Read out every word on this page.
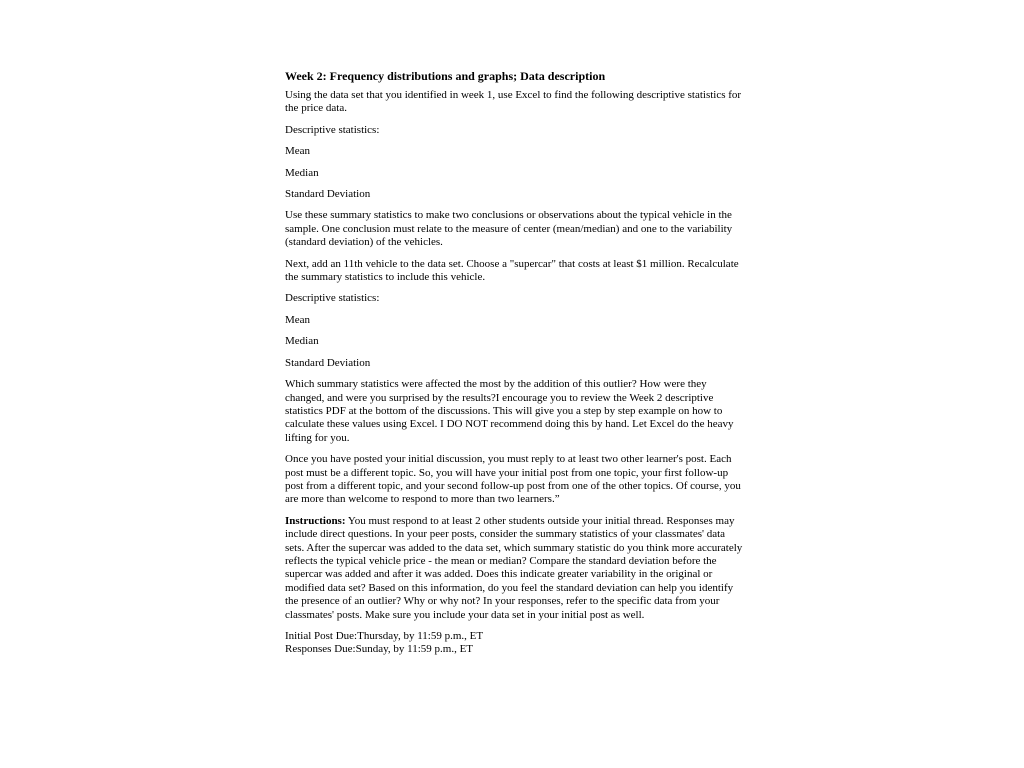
Week 2: Frequency distributions and graphs; Data description

Using the data set that you identified in week 1, use Excel to find the following descriptive statistics for the price data.

Descriptive statistics:

Mean

Median

Standard Deviation

Use these summary statistics to make two conclusions or observations about the typical vehicle in the sample. One conclusion must relate to the measure of center (mean/median) and one to the variability (standard deviation) of the vehicles.

Next, add an 11th vehicle to the data set. Choose a "supercar" that costs at least $1 million. Recalculate the summary statistics to include this vehicle.

Descriptive statistics:

Mean

Median

Standard Deviation

Which summary statistics were affected the most by the addition of this outlier? How were they changed, and were you surprised by the results?I encourage you to review the Week 2 descriptive statistics PDF at the bottom of the discussions. This will give you a step by step example on how to calculate these values using Excel. I DO NOT recommend doing this by hand. Let Excel do the heavy lifting for you.

Once you have posted your initial discussion, you must reply to at least two other learner's post. Each post must be a different topic. So, you will have your initial post from one topic, your first follow-up post from a different topic, and your second follow-up post from one of the other topics. Of course, you are more than welcome to respond to more than two learners.”

Instructions: You must respond to at least 2 other students outside your initial thread. Responses may include direct questions. In your peer posts, consider the summary statistics of your classmates' data sets. After the supercar was added to the data set, which summary statistic do you think more accurately reflects the typical vehicle price - the mean or median? Compare the standard deviation before the supercar was added and after it was added. Does this indicate greater variability in the original or modified data set? Based on this information, do you feel the standard deviation can help you identify the presence of an outlier? Why or why not? In your responses, refer to the specific data from your classmates' posts. Make sure you include your data set in your initial post as well.

Initial Post Due:Thursday, by 11:59 p.m., ET

Responses Due:Sunday, by 11:59 p.m., ET
